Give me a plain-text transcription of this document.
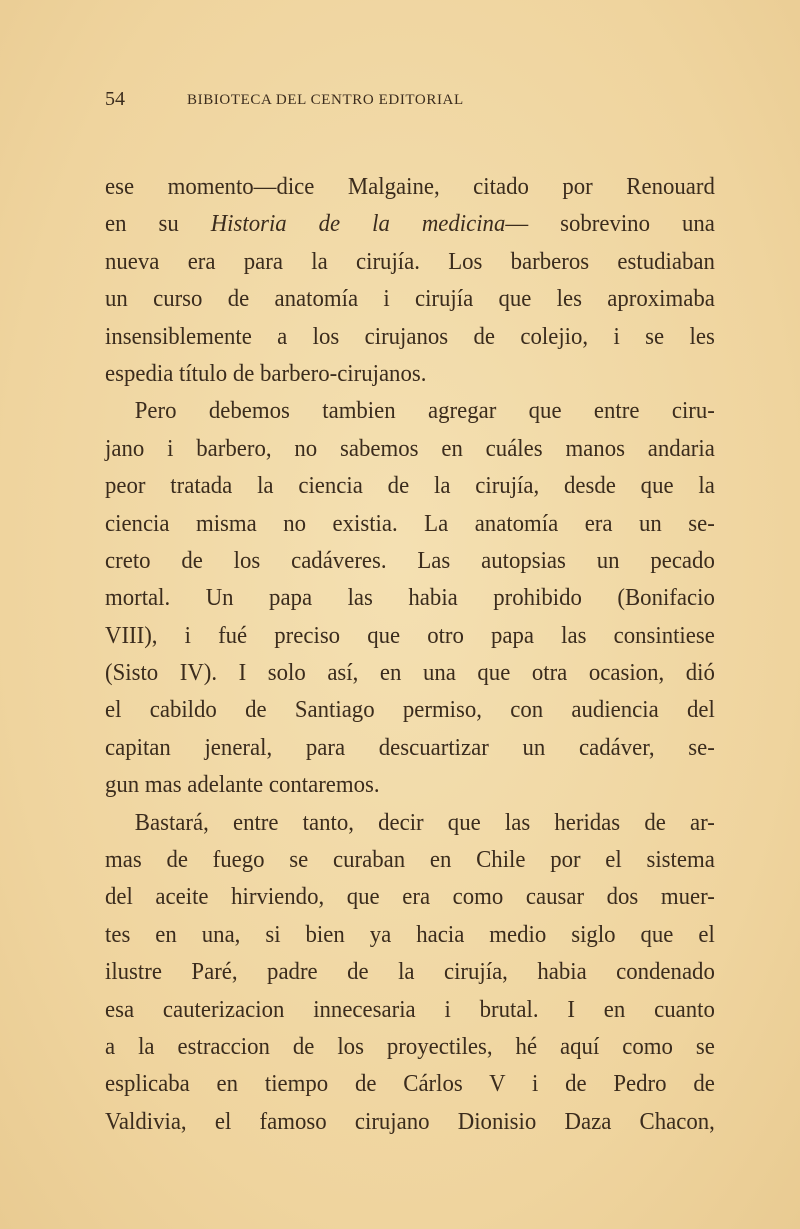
54	BIBIOTECA DEL CENTRO EDITORIAL
ese momento—dice Malgaine, citado por Renouard
en su Historia de la medicina— sobrevino una
nueva era para la cirujía. Los barberos estudiaban
un curso de anatomía i cirujía que les aproximaba
insensiblemente a los cirujanos de colejio, i se les
espedia título de barbero-cirujanos.
Pero debemos tambien agregar que entre ciru-
jano i barbero, no sabemos en cuáles manos andaria
peor tratada la ciencia de la cirujía, desde que la
ciencia misma no existia. La anatomía era un se-
creto de los cadáveres. Las autopsias un pecado
mortal. Un papa las habia prohibido (Bonifacio
VIII), i fué preciso que otro papa las consintiese
(Sisto IV). I solo así, en una que otra ocasion, dió
el cabildo de Santiago permiso, con audiencia del
capitan jeneral, para descuartizar un cadáver, se-
gun mas adelante contaremos.
Bastará, entre tanto, decir que las heridas de ar-
mas de fuego se curaban en Chile por el sistema
del aceite hirviendo, que era como causar dos muer-
tes en una, si bien ya hacia medio siglo que el
ilustre Paré, padre de la cirujía, habia condenado
esa cauterizacion innecesaria i brutal. I en cuanto
a la estraccion de los proyectiles, hé aquí como se
esplicaba en tiempo de Cárlos V i de Pedro de
Valdivia, el famoso cirujano Dionisio Daza Chacon,
